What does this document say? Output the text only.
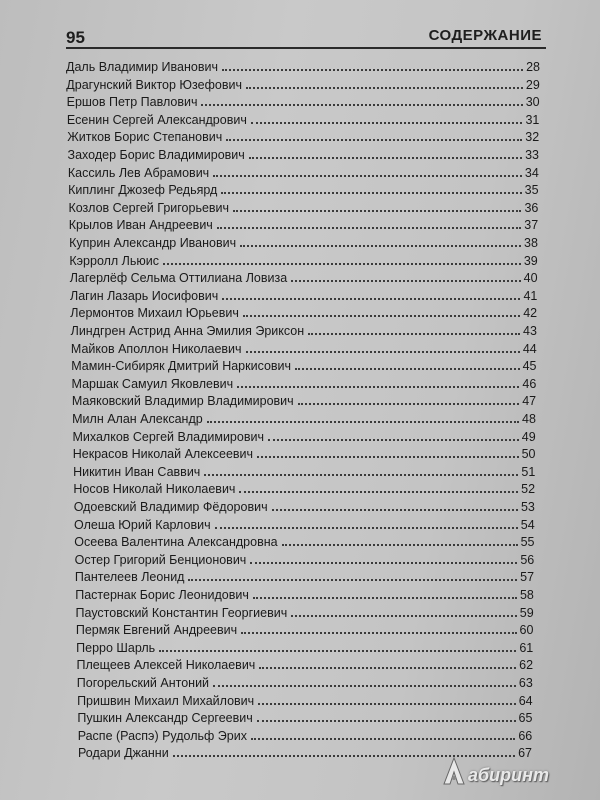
95	СОДЕРЖАНИЕ
Даль Владимир Иванович	28
Драгунский Виктор Юзефович	29
Ершов Петр Павлович	30
Есенин Сергей Александрович	31
Житков Борис Степанович	32
Заходер Борис Владимирович	33
Кассиль Лев Абрамович	34
Киплинг Джозеф Редьярд	35
Козлов Сергей Григорьевич	36
Крылов Иван Андреевич	37
Куприн Александр Иванович	38
Кэрролл Льюис	39
Лагерлёф Сельма Оттилиана Ловиза	40
Лагин Лазарь Иосифович	41
Лермонтов Михаил Юрьевич	42
Линдгрен Астрид Анна Эмилия Эриксон	43
Майков Аполлон Николаевич	44
Мамин-Сибиряк Дмитрий Наркисович	45
Маршак Самуил Яковлевич	46
Маяковский Владимир Владимирович	47
Милн Алан Александр	48
Михалков Сергей Владимирович	49
Некрасов Николай Алексеевич	50
Никитин Иван Саввич	51
Носов Николай Николаевич	52
Одоевский Владимир Фёдорович	53
Олеша Юрий Карлович	54
Осеева Валентина Александровна	55
Остер Григорий Бенционович	56
Пантелеев Леонид	57
Пастернак Борис Леонидович	58
Паустовский Константин Георгиевич	59
Пермяк Евгений Андреевич	60
Перро Шарль	61
Плещеев Алексей Николаевич	62
Погорельский Антоний	63
Пришвин Михаил Михайлович	64
Пушкин Александр Сергеевич	65
Распе (Распэ) Рудольф Эрих	66
Родари Джанни	67
абиринт
